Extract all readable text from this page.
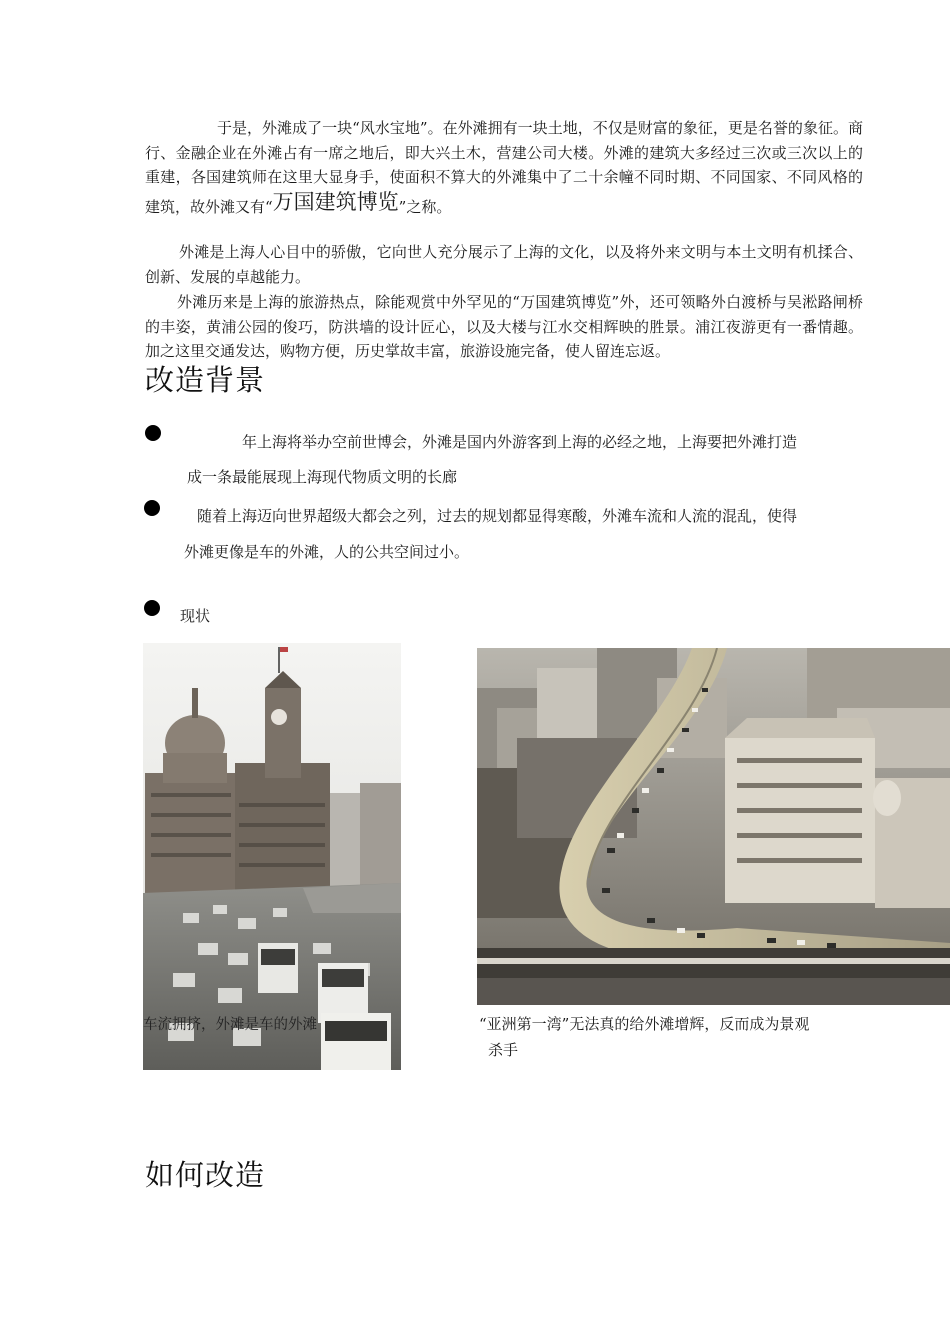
于是，外滩成了一块“风水宝地”。在外滩拥有一块土地，不仅是财富的象征，更是名誉的象征。商行、金融企业在外滩占有一席之地后，即大兴土木，营建公司大楼。外滩的建筑大多经过三次或三次以上的重建，各国建筑师在这里大显身手，使面积不算大的外滩集中了二十余幢不同时期、不同国家、不同风格的建筑，故外滩又有“万国建筑博览”之称。
外滩是上海人心目中的骄傲，它向世人充分展示了上海的文化，以及将外来文明与本土文明有机揉合、创新、发展的卓越能力。
外滩历来是上海的旅游热点，除能观赏中外罕见的“万国建筑博览”外，还可领略外白渡桥与吴淞路闸桥的丰姿，黄浦公园的俊巧，防洪墙的设计匠心，以及大楼与江水交相辉映的胜景。浦江夜游更有一番情趣。加之这里交通发达，购物方便，历史掌故丰富，旅游设施完备，使人留连忘返。
改造背景
年上海将举办空前世博会，外滩是国内外游客到上海的必经之地，上海要把外滩打造
成一条最能展现上海现代物质文明的长廊
随着上海迈向世界超级大都会之列，过去的规划都显得寒酸，外滩车流和人流的混乱，使得
外滩更像是车的外滩，人的公共空间过小。
现状
车流拥挤，外滩是车的外滩	“亚洲第一湾”无法真的给外滩增辉，反而成为景观
杀手
如何改造
